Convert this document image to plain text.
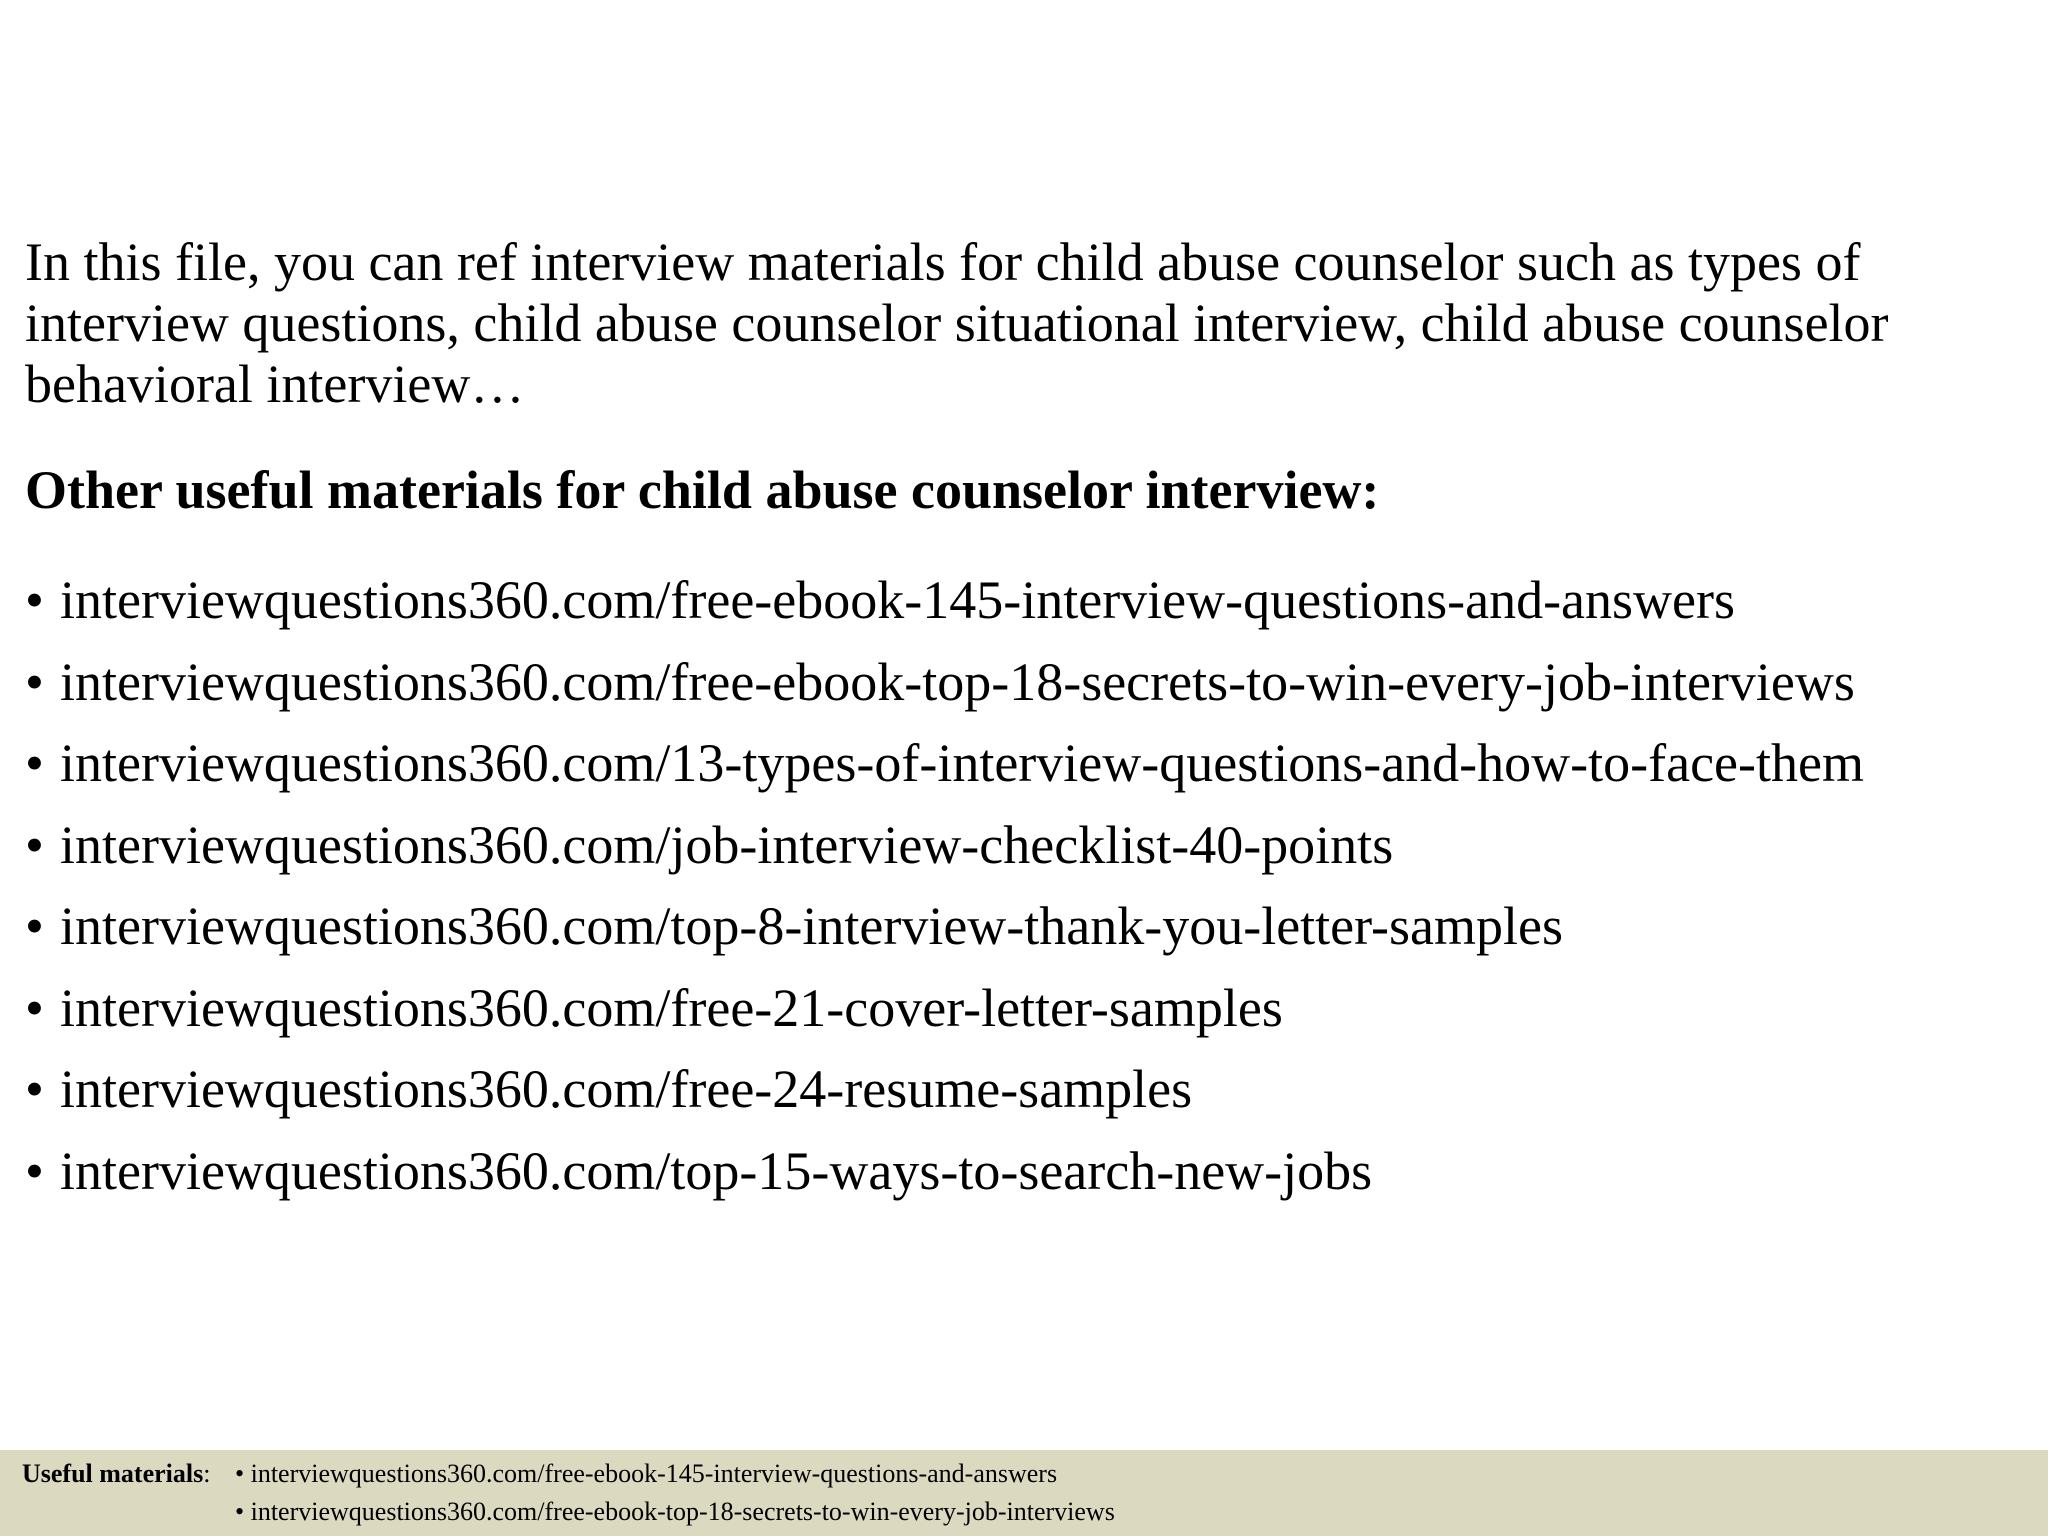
In this file, you can ref interview materials for child abuse counselor such as types of interview questions, child abuse counselor situational interview, child abuse counselor behavioral interview…

Other useful materials for child abuse counselor interview:

• interviewquestions360.com/free-ebook-145-interview-questions-and-answers
• interviewquestions360.com/free-ebook-top-18-secrets-to-win-every-job-interviews
• interviewquestions360.com/13-types-of-interview-questions-and-how-to-face-them
• interviewquestions360.com/job-interview-checklist-40-points
• interviewquestions360.com/top-8-interview-thank-you-letter-samples
• interviewquestions360.com/free-21-cover-letter-samples
• interviewquestions360.com/free-24-resume-samples
• interviewquestions360.com/top-15-ways-to-search-new-jobs
Useful materials: • interviewquestions360.com/free-ebook-145-interview-questions-and-answers
• interviewquestions360.com/free-ebook-top-18-secrets-to-win-every-job-interviews
